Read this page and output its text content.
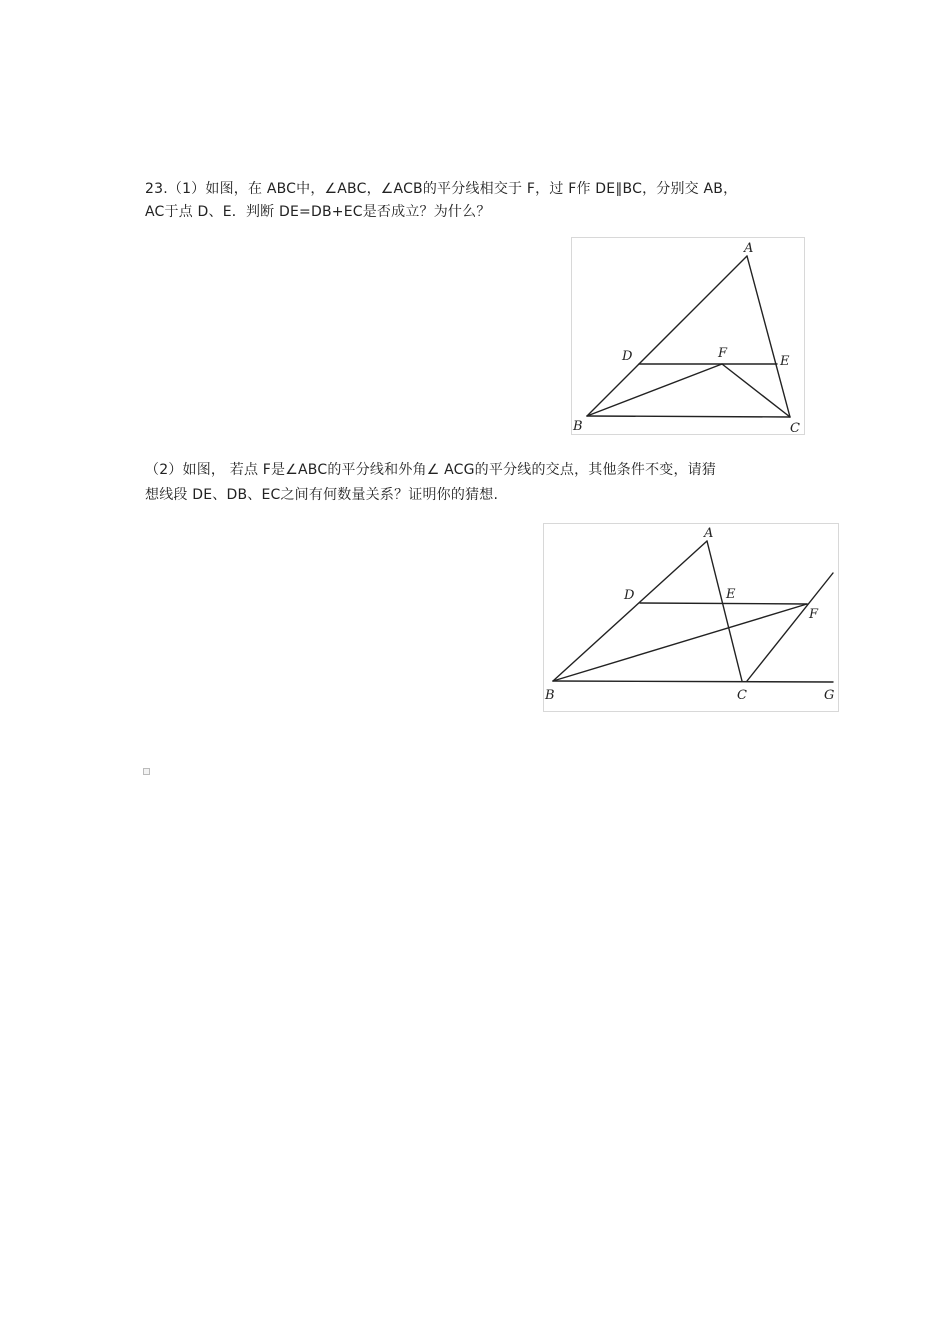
23.（1）如图，在 ABC中，∠ABC，∠ACB的平分线相交于 F，过 F作 DE∥BC，分别交 AB，
AC于点 D、E．判断 DE=DB+EC是否成立？为什么？
A
B	C
D	E
F
（2）如图， 若点 F是∠ABC的平分线和外角∠ ACG的平分线的交点，其他条件不变，请猜
想线段 DE、DB、EC之间有何数量关系？证明你的猜想.
A
B	C
D	E
F
G
